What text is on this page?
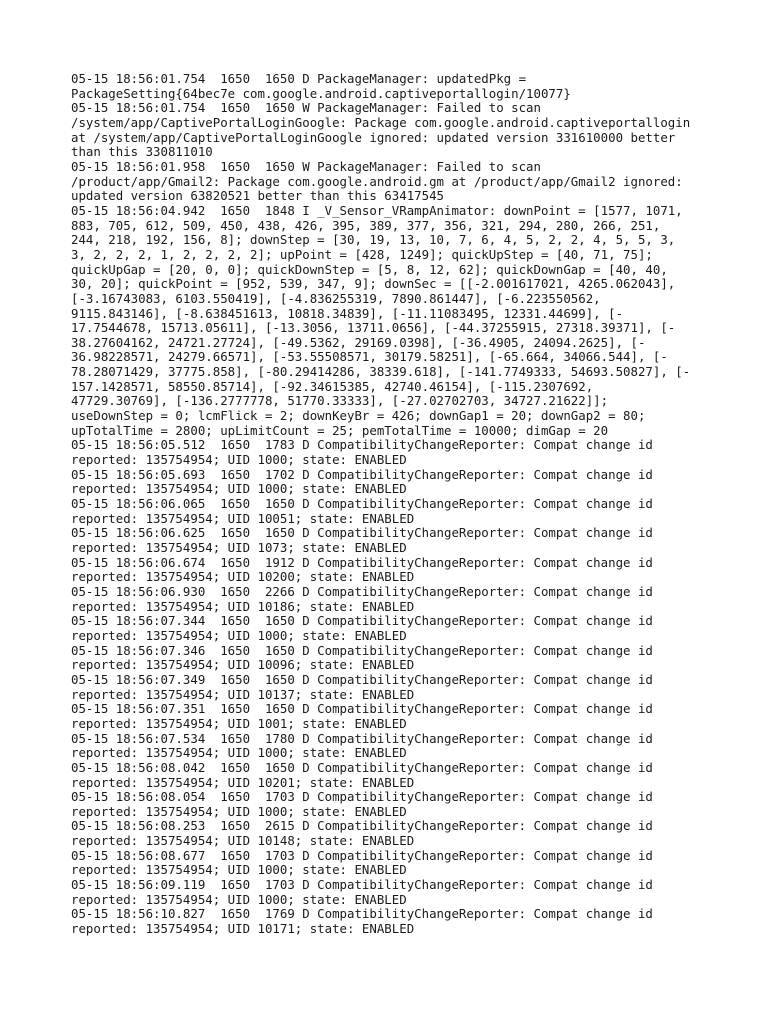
05-15 18:56:01.754  1650  1650 D PackageManager: updatedPkg =
PackageSetting{64bec7e com.google.android.captiveportallogin/10077}
05-15 18:56:01.754  1650  1650 W PackageManager: Failed to scan
/system/app/CaptivePortalLoginGoogle: Package com.google.android.captiveportallogin
at /system/app/CaptivePortalLoginGoogle ignored: updated version 331610000 better
than this 330811010
05-15 18:56:01.958  1650  1650 W PackageManager: Failed to scan
/product/app/Gmail2: Package com.google.android.gm at /product/app/Gmail2 ignored:
updated version 63820521 better than this 63417545
05-15 18:56:04.942  1650  1848 I _V_Sensor_VRampAnimator: downPoint = [1577, 1071,
883, 705, 612, 509, 450, 438, 426, 395, 389, 377, 356, 321, 294, 280, 266, 251,
244, 218, 192, 156, 8]; downStep = [30, 19, 13, 10, 7, 6, 4, 5, 2, 2, 4, 5, 5, 3,
3, 2, 2, 2, 1, 2, 2, 2, 2]; upPoint = [428, 1249]; quickUpStep = [40, 71, 75];
quickUpGap = [20, 0, 0]; quickDownStep = [5, 8, 12, 62]; quickDownGap = [40, 40,
30, 20]; quickPoint = [952, 539, 347, 9]; downSec = [[-2.001617021, 4265.062043],
[-3.16743083, 6103.550419], [-4.836255319, 7890.861447], [-6.223550562,
9115.843146], [-8.638451613, 10818.34839], [-11.11083495, 12331.44699], [-
17.7544678, 15713.05611], [-13.3056, 13711.0656], [-44.37255915, 27318.39371], [-
38.27604162, 24721.27724], [-49.5362, 29169.0398], [-36.4905, 24094.2625], [-
36.98228571, 24279.66571], [-53.55508571, 30179.58251], [-65.664, 34066.544], [-
78.28071429, 37775.858], [-80.29414286, 38339.618], [-141.7749333, 54693.50827], [-
157.1428571, 58550.85714], [-92.34615385, 42740.46154], [-115.2307692,
47729.30769], [-136.2777778, 51770.33333], [-27.02702703, 34727.21622]];
useDownStep = 0; lcmFlick = 2; downKeyBr = 426; downGap1 = 20; downGap2 = 80;
upTotalTime = 2800; upLimitCount = 25; pemTotalTime = 10000; dimGap = 20
05-15 18:56:05.512  1650  1783 D CompatibilityChangeReporter: Compat change id
reported: 135754954; UID 1000; state: ENABLED
05-15 18:56:05.693  1650  1702 D CompatibilityChangeReporter: Compat change id
reported: 135754954; UID 1000; state: ENABLED
05-15 18:56:06.065  1650  1650 D CompatibilityChangeReporter: Compat change id
reported: 135754954; UID 10051; state: ENABLED
05-15 18:56:06.625  1650  1650 D CompatibilityChangeReporter: Compat change id
reported: 135754954; UID 1073; state: ENABLED
05-15 18:56:06.674  1650  1912 D CompatibilityChangeReporter: Compat change id
reported: 135754954; UID 10200; state: ENABLED
05-15 18:56:06.930  1650  2266 D CompatibilityChangeReporter: Compat change id
reported: 135754954; UID 10186; state: ENABLED
05-15 18:56:07.344  1650  1650 D CompatibilityChangeReporter: Compat change id
reported: 135754954; UID 1000; state: ENABLED
05-15 18:56:07.346  1650  1650 D CompatibilityChangeReporter: Compat change id
reported: 135754954; UID 10096; state: ENABLED
05-15 18:56:07.349  1650  1650 D CompatibilityChangeReporter: Compat change id
reported: 135754954; UID 10137; state: ENABLED
05-15 18:56:07.351  1650  1650 D CompatibilityChangeReporter: Compat change id
reported: 135754954; UID 1001; state: ENABLED
05-15 18:56:07.534  1650  1780 D CompatibilityChangeReporter: Compat change id
reported: 135754954; UID 1000; state: ENABLED
05-15 18:56:08.042  1650  1650 D CompatibilityChangeReporter: Compat change id
reported: 135754954; UID 10201; state: ENABLED
05-15 18:56:08.054  1650  1703 D CompatibilityChangeReporter: Compat change id
reported: 135754954; UID 1000; state: ENABLED
05-15 18:56:08.253  1650  2615 D CompatibilityChangeReporter: Compat change id
reported: 135754954; UID 10148; state: ENABLED
05-15 18:56:08.677  1650  1703 D CompatibilityChangeReporter: Compat change id
reported: 135754954; UID 1000; state: ENABLED
05-15 18:56:09.119  1650  1703 D CompatibilityChangeReporter: Compat change id
reported: 135754954; UID 1000; state: ENABLED
05-15 18:56:10.827  1650  1769 D CompatibilityChangeReporter: Compat change id
reported: 135754954; UID 10171; state: ENABLED
